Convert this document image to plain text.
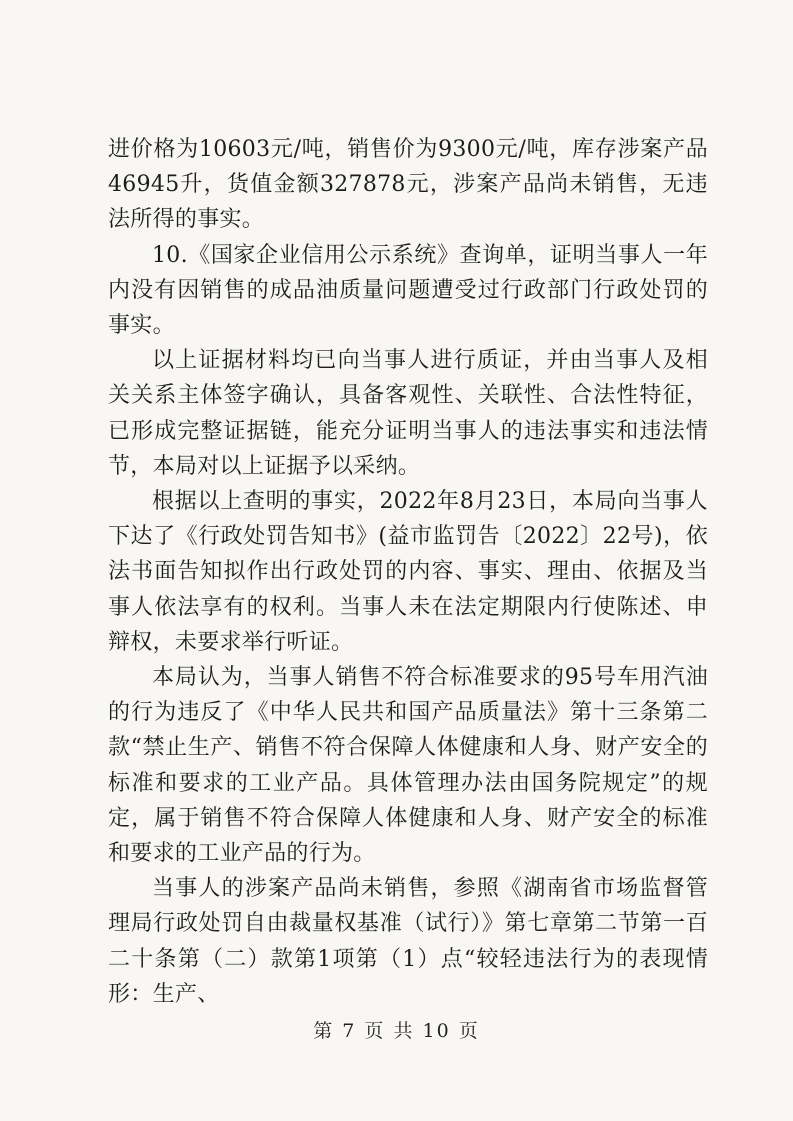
进价格为10603元/吨，销售价为9300元/吨，库存涉案产品46945升，货值金额327878元，涉案产品尚未销售，无违法所得的事实。

10.《国家企业信用公示系统》查询单，证明当事人一年内没有因销售的成品油质量问题遭受过行政部门行政处罚的事实。

以上证据材料均已向当事人进行质证，并由当事人及相关关系主体签字确认，具备客观性、关联性、合法性特征，已形成完整证据链，能充分证明当事人的违法事实和违法情节，本局对以上证据予以采纳。

根据以上查明的事实，2022年8月23日，本局向当事人下达了《行政处罚告知书》(益市监罚告〔2022〕22号)，依法书面告知拟作出行政处罚的内容、事实、理由、依据及当事人依法享有的权利。当事人未在法定期限内行使陈述、申辩权，未要求举行听证。

本局认为，当事人销售不符合标准要求的95号车用汽油的行为违反了《中华人民共和国产品质量法》第十三条第二款“禁止生产、销售不符合保障人体健康和人身、财产安全的标准和要求的工业产品。具体管理办法由国务院规定”的规定，属于销售不符合保障人体健康和人身、财产安全的标准和要求的工业产品的行为。

当事人的涉案产品尚未销售，参照《湖南省市场监督管理局行政处罚自由裁量权基准（试行）》第七章第二节第一百二十条第（二）款第1项第（1）点“较轻违法行为的表现情形：生产、

第 7 页 共 10 页
